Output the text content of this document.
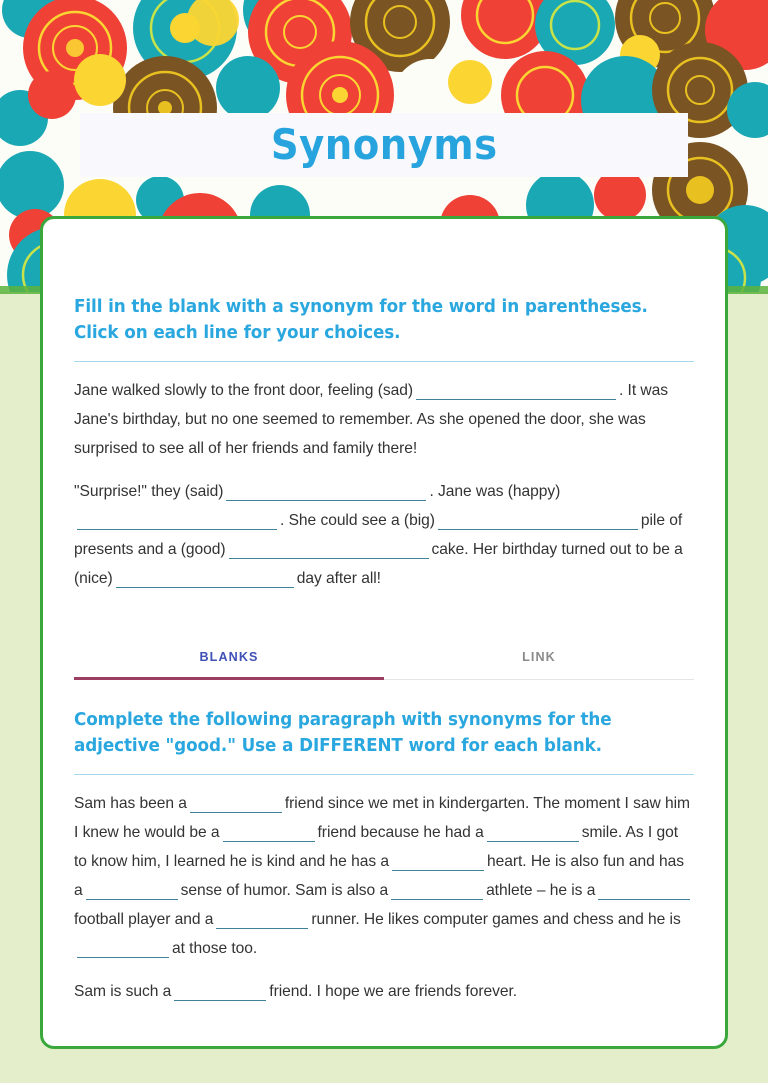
Synonyms

Fill in the blank with a synonym for the word in parentheses. Click on each line for your choices.

Jane walked slowly to the front door, feeling (sad)	. It was Jane's birthday, but no one seemed to remember. As she opened the door, she was surprised to see all of her friends and family there!

"Surprise!" they (said)	. Jane was (happy). She could see a (big)	pile of presents and a (good)	cake. Her birthday turned out to be a (nice)	day after all!

BLANKS	LINK

Complete the following paragraph with synonyms for the adjective "good." Use a DIFFERENT word for each blank.

Sam has been a	friend since we met in kindergarten. The moment I saw him I knew he would be a	friend because he had a	smile. As I got to know him, I learned he is kind and he has a	heart. He is also fun and has a	sense of humor. Sam is also a	athlete – he is afootball player and a	runner. He likes computer games and chess and he isat those too.

Sam is such a	friend. I hope we are friends forever.
